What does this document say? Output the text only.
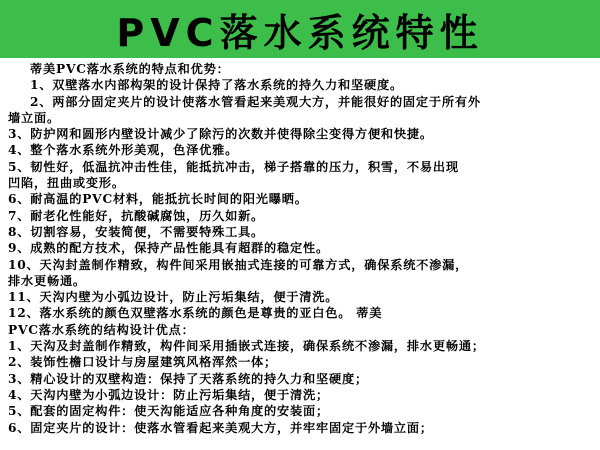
PVC落水系统特性
蒂美PVC落水系统的特点和优势：
1、双壁落水内部构架的设计保持了落水系统的持久力和坚硬度。
2、两部分固定夹片的设计使落水管看起来美观大方，并能很好的固定于所有外
墙立面。
3、防护网和圆形内壁设计减少了除污的次数并使得除尘变得方便和快捷。
4、整个落水系统外形美观，色泽优雅。
5、韧性好，低温抗冲击性佳，能抵抗冲击，梯子搭靠的压力，积雪，不易出现
凹陷，扭曲或变形。
6、耐高温的PVC材料，能抵抗长时间的阳光曝晒。
7、耐老化性能好，抗酸碱腐蚀，历久如新。
8、切割容易，安装简便，不需要特殊工具。
9、成熟的配方技术，保持产品性能具有超群的稳定性。
10、天沟封盖制作精致，构件间采用嵌抽式连接的可靠方式，确保系统不渗漏，
排水更畅通。
11、天沟内壁为小弧边设计，防止污垢集结，便于清洗。
12、落水系统的颜色双壁落水系统的颜色是尊贵的亚白色。 蒂美
PVC落水系统的结构设计优点：
1、天沟及封盖制作精致，构件间采用插嵌式连接，确保系统不渗漏，排水更畅通；
2、装饰性檐口设计与房屋建筑风格浑然一体；
3、精心设计的双壁构造：保持了天落系统的持久力和坚硬度；
4、天沟内壁为小弧边设计：防止污垢集结，便于清洗；
5、配套的固定构件：使天沟能适应各种角度的安装面；
6、固定夹片的设计：使落水管看起来美观大方，并牢牢固定于外墙立面；
